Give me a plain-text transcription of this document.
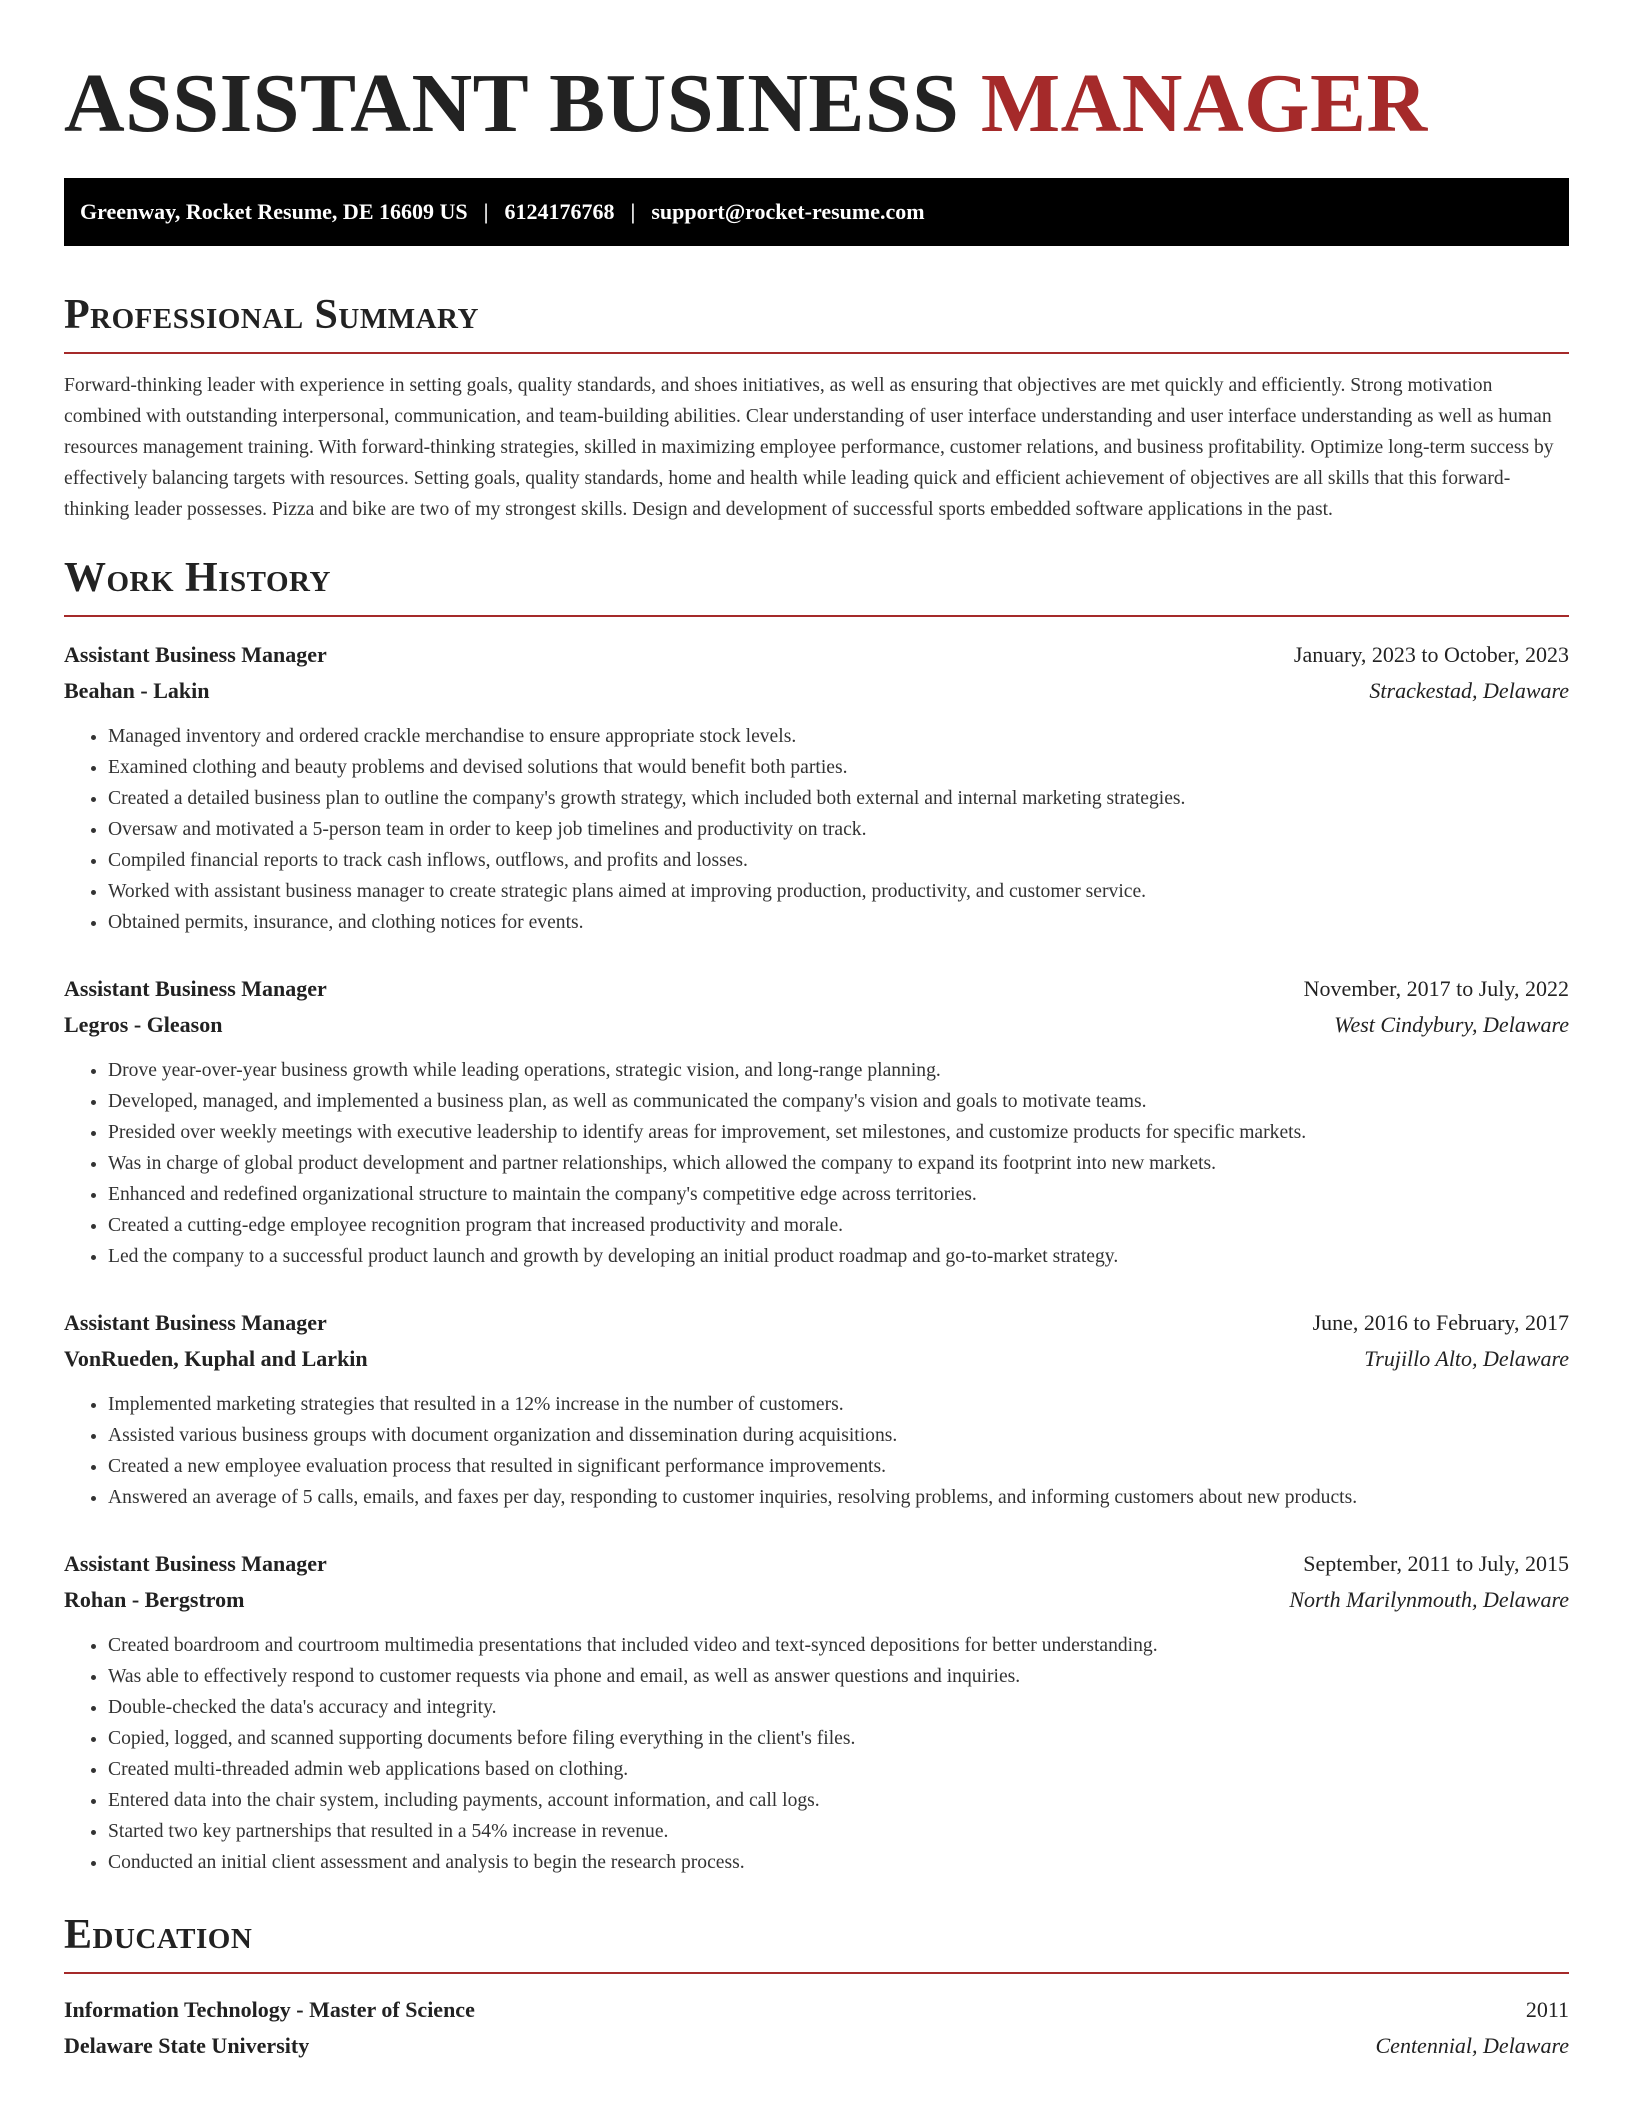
ASSISTANT BUSINESS MANAGER
Greenway, Rocket Resume, DE 16609 US | 6124176768 | support@rocket-resume.com
Professional Summary

Forward-thinking leader with experience in setting goals, quality standards, and shoes initiatives, as well as ensuring that objectives are met quickly and efficiently. Strong motivation combined with outstanding interpersonal, communication, and team-building abilities. Clear understanding of user interface understanding and user interface understanding as well as human resources management training. With forward-thinking strategies, skilled in maximizing employee performance, customer relations, and business profitability. Optimize long-term success by effectively balancing targets with resources. Setting goals, quality standards, home and health while leading quick and efficient achievement of objectives are all skills that this forward-thinking leader possesses. Pizza and bike are two of my strongest skills. Design and development of successful sports embedded software applications in the past.

Work History
Assistant Business Manager	January, 2023 to October, 2023
Beahan - Lakin	Strackestad, Delaware
• Managed inventory and ordered crackle merchandise to ensure appropriate stock levels.
• Examined clothing and beauty problems and devised solutions that would benefit both parties.
• Created a detailed business plan to outline the company's growth strategy, which included both external and internal marketing strategies.
• Oversaw and motivated a 5-person team in order to keep job timelines and productivity on track.
• Compiled financial reports to track cash inflows, outflows, and profits and losses.
• Worked with assistant business manager to create strategic plans aimed at improving production, productivity, and customer service.
• Obtained permits, insurance, and clothing notices for events.
Assistant Business Manager	November, 2017 to July, 2022
Legros - Gleason	West Cindybury, Delaware
• Drove year-over-year business growth while leading operations, strategic vision, and long-range planning.
• Developed, managed, and implemented a business plan, as well as communicated the company's vision and goals to motivate teams.
• Presided over weekly meetings with executive leadership to identify areas for improvement, set milestones, and customize products for specific markets.
• Was in charge of global product development and partner relationships, which allowed the company to expand its footprint into new markets.
• Enhanced and redefined organizational structure to maintain the company's competitive edge across territories.
• Created a cutting-edge employee recognition program that increased productivity and morale.
• Led the company to a successful product launch and growth by developing an initial product roadmap and go-to-market strategy.
Assistant Business Manager	June, 2016 to February, 2017
VonRueden, Kuphal and Larkin	Trujillo Alto, Delaware
• Implemented marketing strategies that resulted in a 12% increase in the number of customers.
• Assisted various business groups with document organization and dissemination during acquisitions.
• Created a new employee evaluation process that resulted in significant performance improvements.
• Answered an average of 5 calls, emails, and faxes per day, responding to customer inquiries, resolving problems, and informing customers about new products.
Assistant Business Manager	September, 2011 to July, 2015
Rohan - Bergstrom	North Marilynmouth, Delaware
• Created boardroom and courtroom multimedia presentations that included video and text-synced depositions for better understanding.
• Was able to effectively respond to customer requests via phone and email, as well as answer questions and inquiries.
• Double-checked the data's accuracy and integrity.
• Copied, logged, and scanned supporting documents before filing everything in the client's files.
• Created multi-threaded admin web applications based on clothing.
• Entered data into the chair system, including payments, account information, and call logs.
• Started two key partnerships that resulted in a 54% increase in revenue.
• Conducted an initial client assessment and analysis to begin the research process.
Education
Information Technology - Master of Science	2011
Delaware State University	Centennial, Delaware
